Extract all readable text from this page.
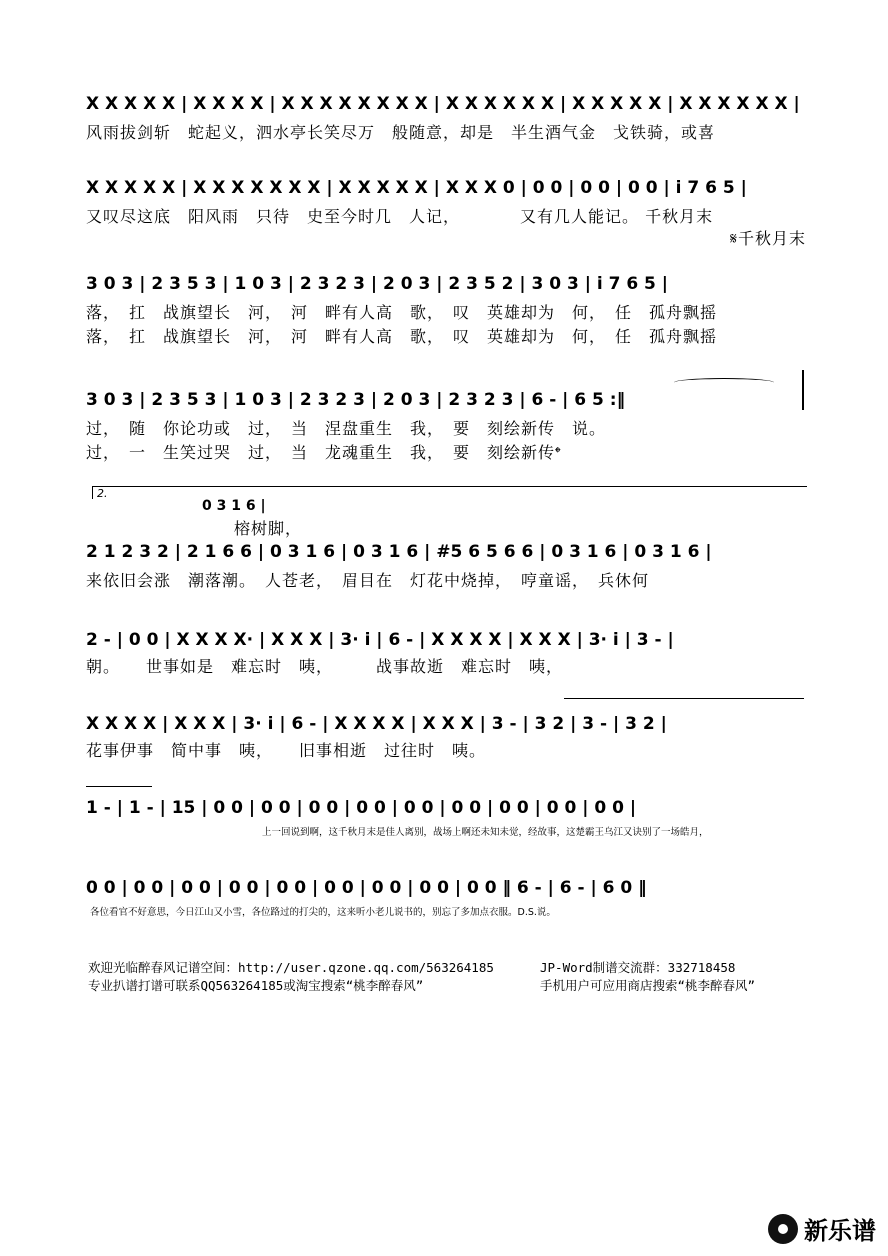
X X X X X | X X X X | X X X X X X X X | X X X X X X | X X X X X | X X X X X X |
风雨拔剑斩　蛇起义，泗水亭长笑尽万　般随意，却是　半生酒气金　戈铁骑，或喜
X X X X X | X X X X X X X | X X X X X | X X X 0 | 0 0 | 0 0 | 0 0 | i 7 6 5 |
又叹尽这底　阳风雨　只待　史至今时几　人记，　　　　又有几人能记。 千秋月末
𝄋千秋月末
3 0 3 | 2 3 5 3 | 1 0 3 | 2 3 2 3 | 2 0 3 | 2 3 5 2 | 3 0 3 | i 7 6 5 |
落，　扛　战旗望长　河，　河　畔有人高　歌，　叹　英雄却为　何，　任　孤舟飘摇
落，　扛　战旗望长　河，　河　畔有人高　歌，　叹　英雄却为　何，　任　孤舟飘摇
3 0 3 | 2 3 5 3 | 1 0 3 | 2 3 2 3 | 2 0 3 | 2 3 2 3 | 6 - | 6 5 :‖
过，　随　你论功或　过，　当　涅盘重生　我，　要　刻绘新传　说。
过，　一　生笑过哭　过，　当　龙魂重生　我，　要　刻绘新传𝄌
2.
0 3 1 6 |
榕树脚，
2 1 2 3 2 | 2 1 6 6 | 0 3 1 6 | 0 3 1 6 | #5 6 5 6 6 | 0 3 1 6 | 0 3 1 6 |
来依旧会涨　潮落潮。　人苍老，　眉目在　灯花中烧掉，　哼童谣，　兵休何
2 - | 0 0 | X X X X· | X X X | 3· i | 6 - | X X X X | X X X | 3· i | 3 - |
朝。　　世事如是　难忘时　咦，　　　战事故逝　难忘时　咦，
X X X X | X X X | 3· i | 6 - | X X X X | X X X | 3 - | 3 2 | 3 - | 3 2 |
花事伊事　简中事　咦，　　旧事相逝　过往时　咦。
1 - | 1 - | 15 | 0 0 | 0 0 | 0 0 | 0 0 | 0 0 | 0 0 | 0 0 | 0 0 | 0 0 |
上一回说到啊，这千秋月末是佳人离别，战场上啊还未知未觉，经故事，这楚霸王乌江又诀别了一场皓月，
0 0 | 0 0 | 0 0 | 0 0 | 0 0 | 0 0 | 0 0 | 0 0 | 0 0 ‖ 6 - | 6 - | 6 0 ‖
各位看官不好意思，今日江山又小雪，各位路过的打尖的，这来听小老儿说书的，别忘了多加点衣服。D.S.说。
欢迎光临醉春风记谱空间：http://user.qzone.qq.com/563264185	JP-Word制谱交流群：332718458
专业扒谱打谱可联系QQ563264185或淘宝搜索“桃李醉春风”	手机用户可应用商店搜索“桃李醉春风”
新乐谱
